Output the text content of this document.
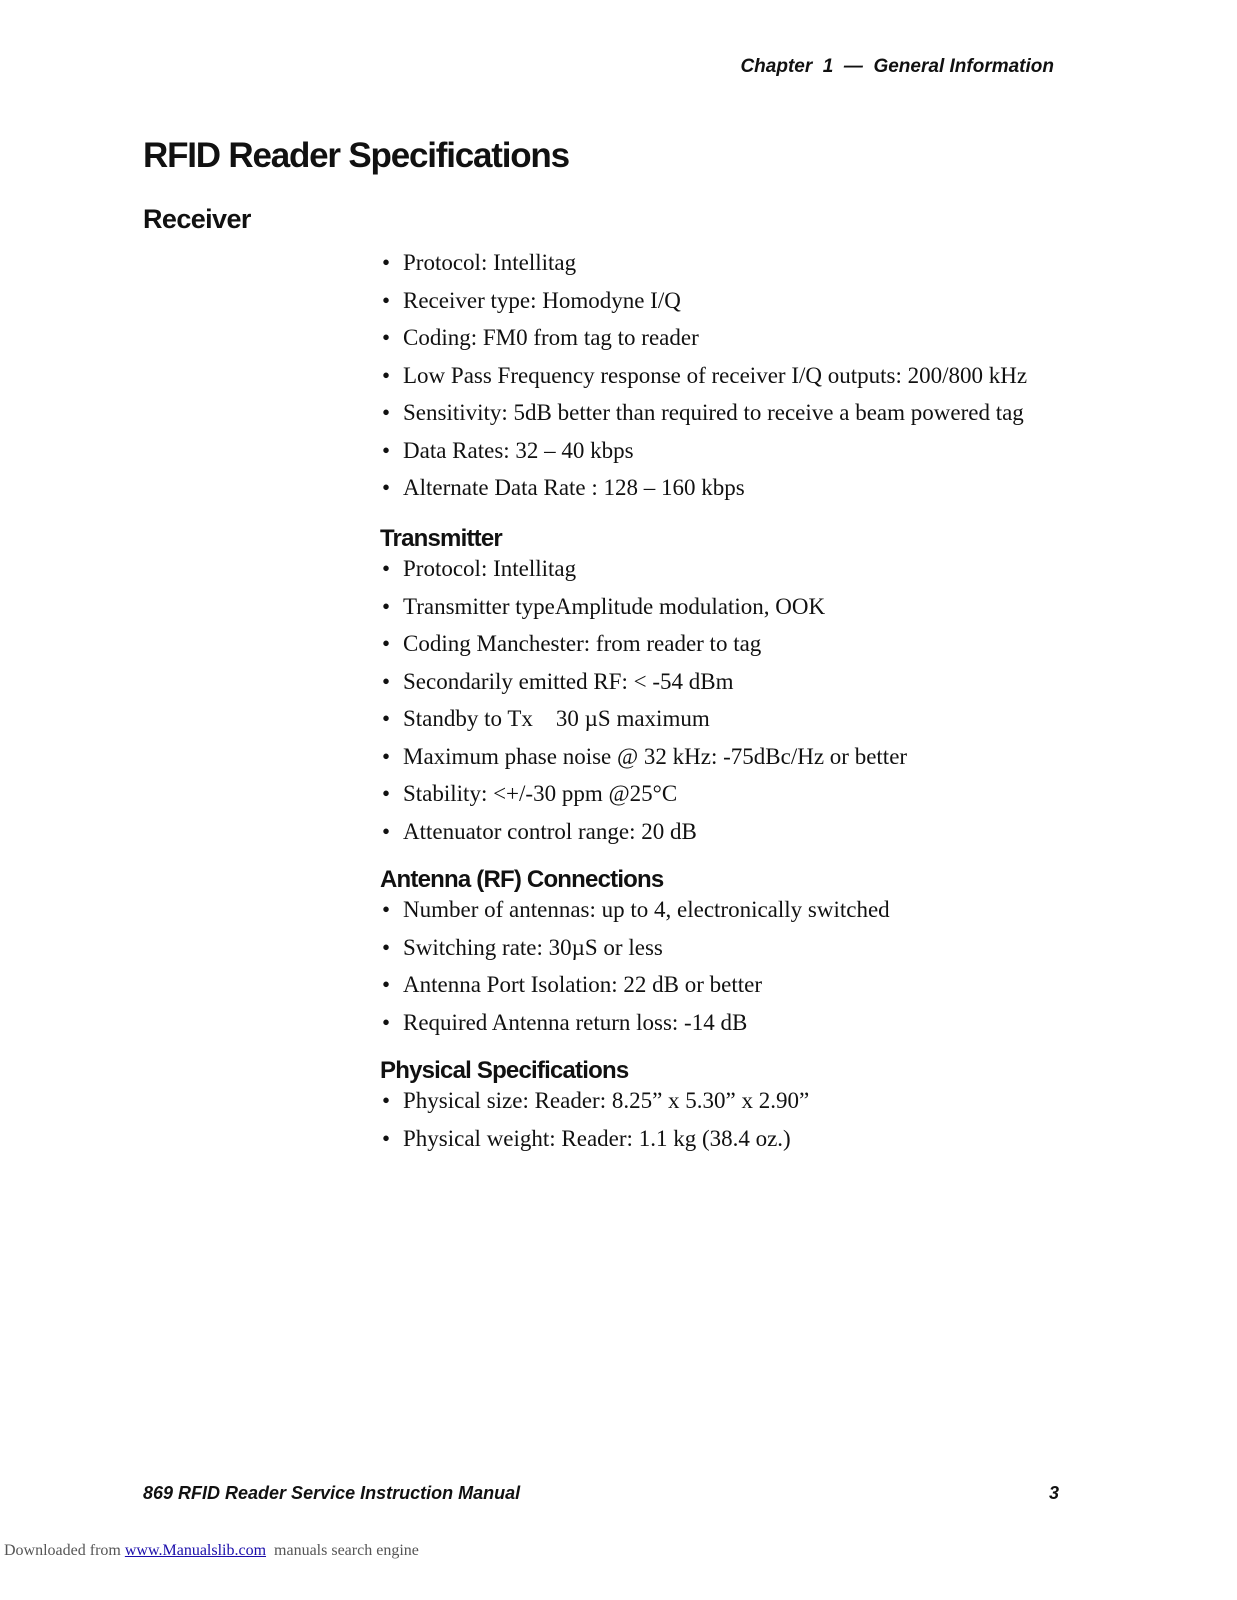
Chapter  1  —  General Information
RFID Reader Specifications
Receiver
• Protocol: Intellitag
• Receiver type: Homodyne I/Q
• Coding: FM0 from tag to reader
• Low Pass Frequency response of receiver I/Q outputs: 200/800 kHz
• Sensitivity: 5dB better than required to receive a beam powered tag
• Data Rates: 32 – 40 kbps
• Alternate Data Rate : 128 – 160 kbps
Transmitter
• Protocol: Intellitag
• Transmitter typeAmplitude modulation, OOK
• Coding Manchester: from reader to tag
• Secondarily emitted RF: < -54 dBm
• Standby to Tx    30 µS maximum
• Maximum phase noise @ 32 kHz: -75dBc/Hz or better
• Stability: <+/-30 ppm @25°C
• Attenuator control range: 20 dB
Antenna (RF) Connections
• Number of antennas: up to 4, electronically switched
• Switching rate: 30µS or less
• Antenna Port Isolation: 22 dB or better
• Required Antenna return loss: -14 dB
Physical Specifications
• Physical size: Reader: 8.25” x 5.30” x 2.90”
• Physical weight: Reader: 1.1 kg (38.4 oz.)
869 RFID Reader Service Instruction Manual	3
Downloaded from www.Manualslib.com  manuals search engine
